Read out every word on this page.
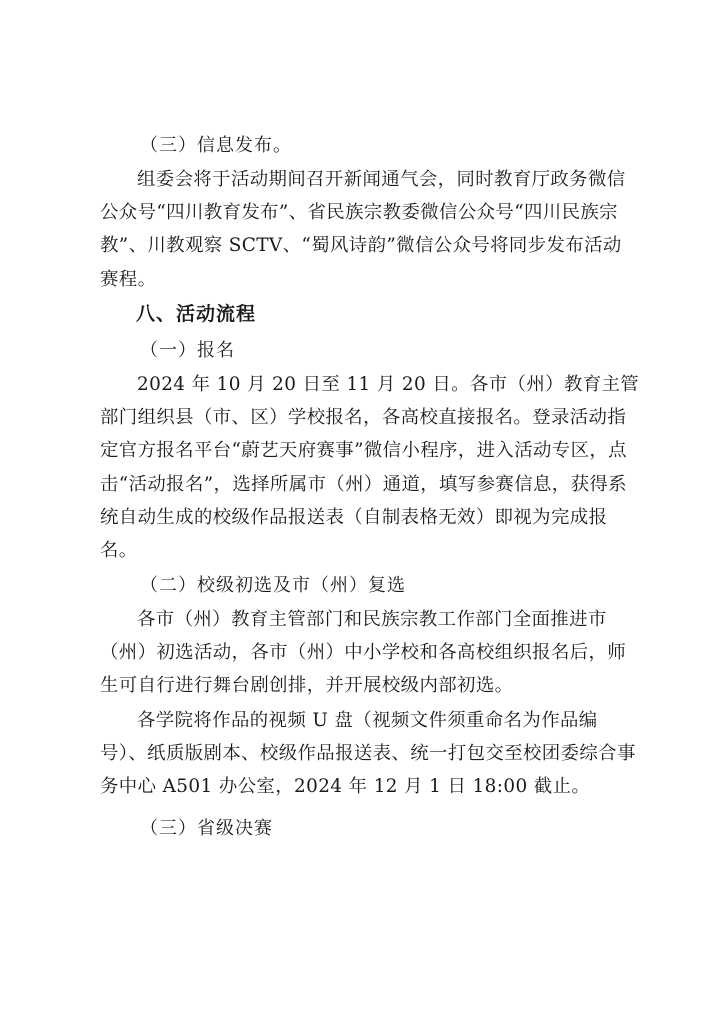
（三）信息发布。

组委会将于活动期间召开新闻通气会，同时教育厅政务微信公众号“四川教育发布”、省民族宗教委微信公众号“四川民族宗教”、川教观察 SCTV、“蜀风诗韵”微信公众号将同步发布活动赛程。

八、活动流程

（一）报名

2024 年 10 月 20 日至 11 月 20 日。各市（州）教育主管部门组织县（市、区）学校报名，各高校直接报名。登录活动指定官方报名平台“蔚艺天府赛事”微信小程序，进入活动专区，点击“活动报名”，选择所属市（州）通道，填写参赛信息，获得系统自动生成的校级作品报送表（自制表格无效）即视为完成报名。

（二）校级初选及市（州）复选

各市（州）教育主管部门和民族宗教工作部门全面推进市（州）初选活动，各市（州）中小学校和各高校组织报名后，师生可自行进行舞台剧创排，并开展校级内部初选。

各学院将作品的视频 U 盘（视频文件须重命名为作品编号）、纸质版剧本、校级作品报送表、统一打包交至校团委综合事务中心 A501 办公室，2024 年 12 月 1 日 18:00 截止。

（三）省级决赛
